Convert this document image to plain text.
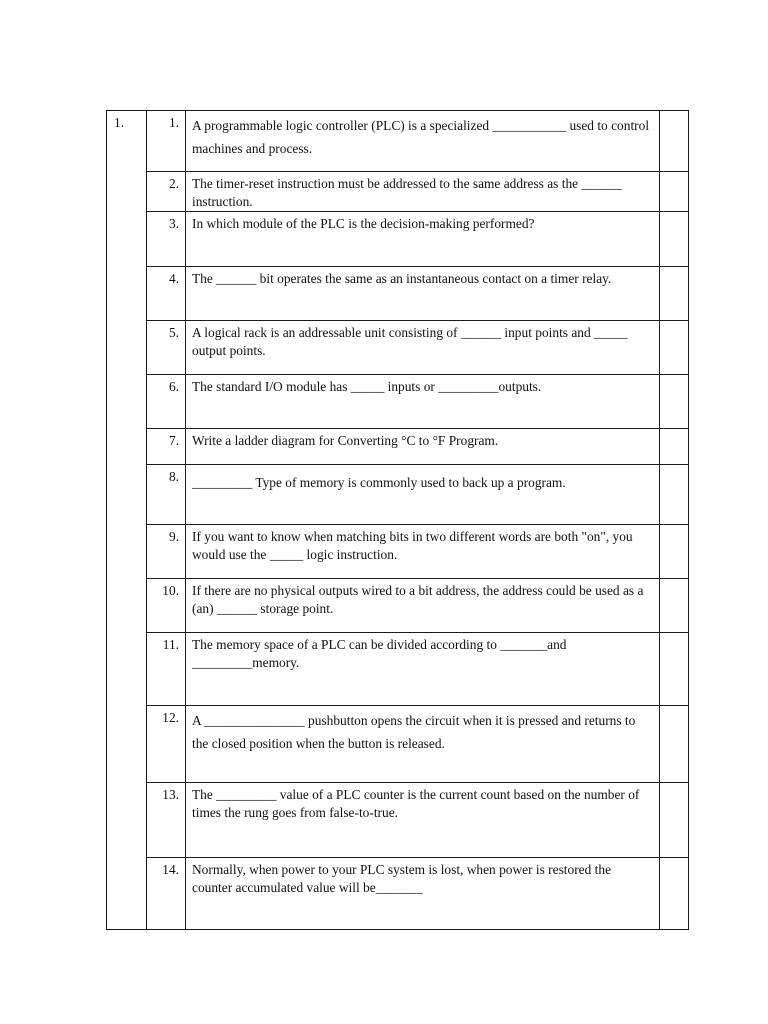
1.	1.	A programmable logic controller (PLC) is a specialized ___________ used to control machines and process.	

	2.	The timer-reset instruction must be addressed to the same address as the ______ instruction.	

	3.	In which module of the PLC is the decision-making performed?	

	4.	The ______ bit operates the same as an instantaneous contact on a timer relay.	

	5.	A logical rack is an addressable unit consisting of ______ input points and _____ output points.	

	6.	The standard I/O module has _____ inputs or _________outputs.	

	7.	Write a ladder diagram for Converting °C to °F Program.	

	8.	_________ Type of memory is commonly used to back up a program.	

	9.	If you want to know when matching bits in two different words are both "on", you would use the _____ logic instruction.	

	10.	If there are no physical outputs wired to a bit address, the address could be used as a (an) ______ storage point.	

	11.	The memory space of a PLC can be divided according to _______and _________memory.	

	12.	A _______________ pushbutton opens the circuit when it is pressed and returns to the closed position when the button is released.	

	13.	The _________ value of a PLC counter is the current count based on the number of times the rung goes from false-to-true.	

	14.	Normally, when power to your PLC system is lost, when power is restored the counter accumulated value will be_______	
